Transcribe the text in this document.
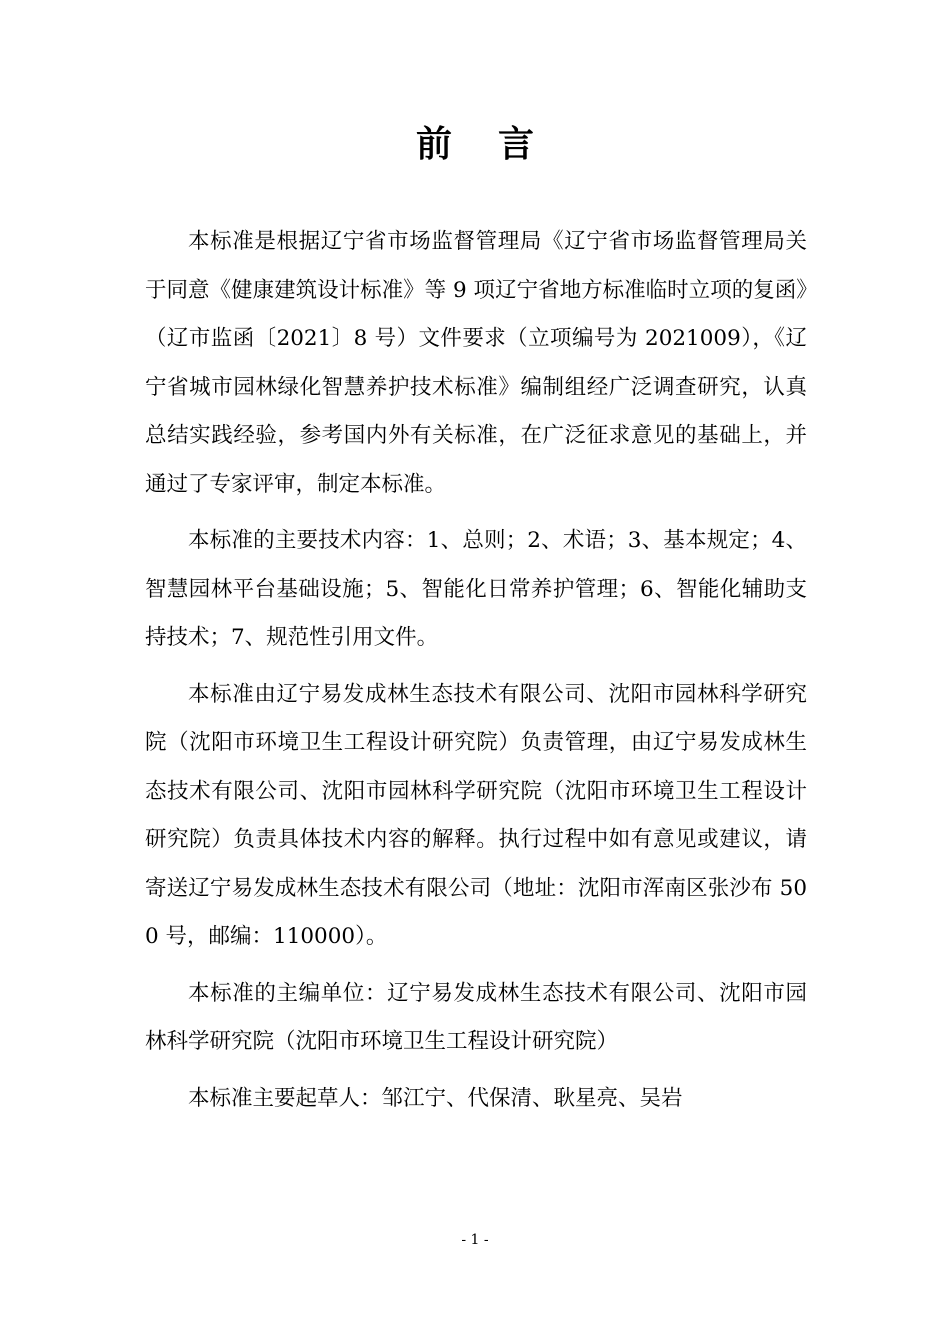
前 言

本标准是根据辽宁省市场监督管理局《辽宁省市场监督管理局关于同意《健康建筑设计标准》等 9 项辽宁省地方标准临时立项的复函》（辽市监函〔2021〕8 号）文件要求（立项编号为 2021009），《辽宁省城市园林绿化智慧养护技术标准》编制组经广泛调查研究，认真总结实践经验，参考国内外有关标准，在广泛征求意见的基础上，并通过了专家评审，制定本标准。

本标准的主要技术内容：1、总则；2、术语；3、基本规定；4、智慧园林平台基础设施；5、智能化日常养护管理；6、智能化辅助支持技术；7、规范性引用文件。

本标准由辽宁易发成林生态技术有限公司、沈阳市园林科学研究院（沈阳市环境卫生工程设计研究院）负责管理，由辽宁易发成林生态技术有限公司、沈阳市园林科学研究院（沈阳市环境卫生工程设计研究院）负责具体技术内容的解释。执行过程中如有意见或建议，请寄送辽宁易发成林生态技术有限公司（地址：沈阳市浑南区张沙布 500 号，邮编：110000）。

本标准的主编单位：辽宁易发成林生态技术有限公司、沈阳市园林科学研究院（沈阳市环境卫生工程设计研究院）

本标准主要起草人：邹江宁、代保清、耿星亮、吴岩

- 1 -
